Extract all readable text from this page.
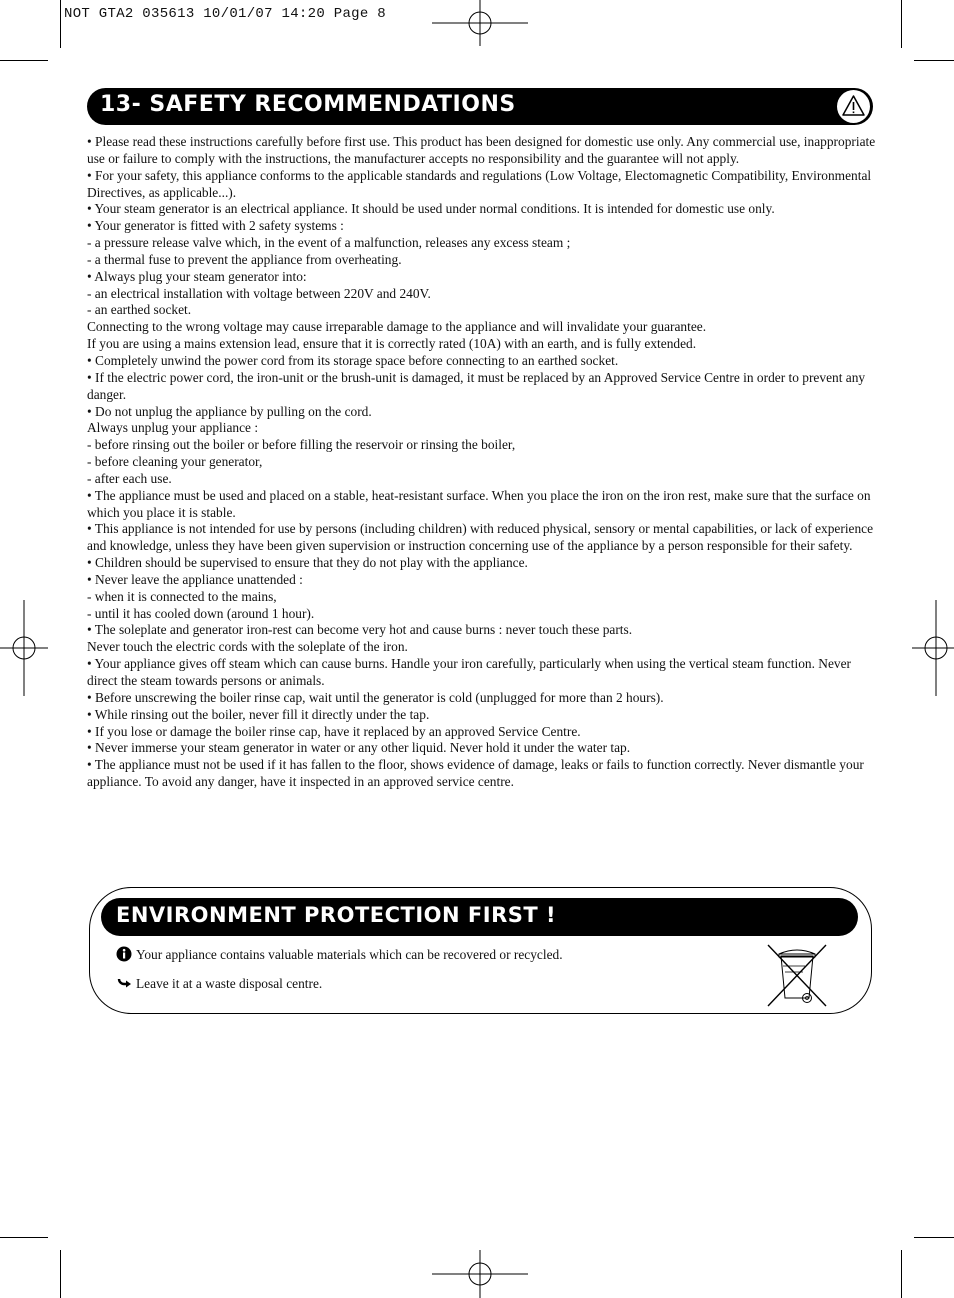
NOT GTA2 035613 10/01/07 14:20 Page 8
13- SAFETY RECOMMENDATIONS

• Please read these instructions carefully before first use. This product has been designed for domestic use only. Any commercial use, inappropriate use or failure to comply with the instructions, the manufacturer accepts no responsibility and the guarantee will not apply.

• For your safety, this appliance conforms to the applicable standards and regulations (Low Voltage, Electomagnetic Compatibility, Environmental Directives, as applicable...).

• Your steam generator is an electrical appliance. It should be used under normal conditions. It is intended for domestic use only.

• Your generator is fitted with 2 safety systems :

- a pressure release valve which, in the event of a malfunction, releases any excess steam ;

- a thermal fuse to prevent the appliance from overheating.

• Always plug your steam generator into:

- an electrical installation with voltage between 220V and 240V.

- an earthed socket.

Connecting to the wrong voltage may cause irreparable damage to the appliance and will invalidate your guarantee.

If you are using a mains extension lead, ensure that it is correctly rated (10A) with an earth, and is fully extended.

• Completely unwind the power cord from its storage space before connecting to an earthed socket.

• If the electric power cord, the iron-unit or the brush-unit is damaged, it must be replaced by an Approved Service Centre in order to prevent any danger.

• Do not unplug the appliance by pulling on the cord.

Always unplug your appliance :

- before rinsing out the boiler or before filling the reservoir or rinsing the boiler,

- before cleaning your generator,

- after each use.

• The appliance must be used and placed on a stable, heat-resistant surface. When you place the iron on the iron rest, make sure that the surface on which you place it is stable.

• This appliance is not intended for use by persons (including children) with reduced physical, sensory or mental capabilities, or lack of experience and knowledge, unless they have been given supervision or instruction concerning use of the appliance by a person responsible for their safety.

• Children should be supervised to ensure that they do not play with the appliance.

• Never leave the appliance unattended :

- when it is connected to the mains,

- until it has cooled down (around 1 hour).

• The soleplate and generator iron-rest can become very hot and cause burns : never touch these parts.

Never touch the electric cords with the soleplate of the iron.

• Your appliance gives off steam which can cause burns. Handle your iron carefully, particularly when using the vertical steam function. Never direct the steam towards persons or animals.

• Before unscrewing the boiler rinse cap, wait until the generator is cold (unplugged for more than 2 hours).

• While rinsing out the boiler, never fill it directly under the tap.

• If you lose or damage the boiler rinse cap, have it replaced by an approved Service Centre.

• Never immerse your steam generator in water or any other liquid. Never hold it under the water tap.

• The appliance must not be used if it has fallen to the floor, shows evidence of damage, leaks or fails to function correctly. Never dismantle your appliance. To avoid any danger, have it inspected in an approved service centre.

ENVIRONMENT PROTECTION FIRST !
Your appliance contains valuable materials which can be recovered or recycled.
Leave it at a waste disposal centre.
